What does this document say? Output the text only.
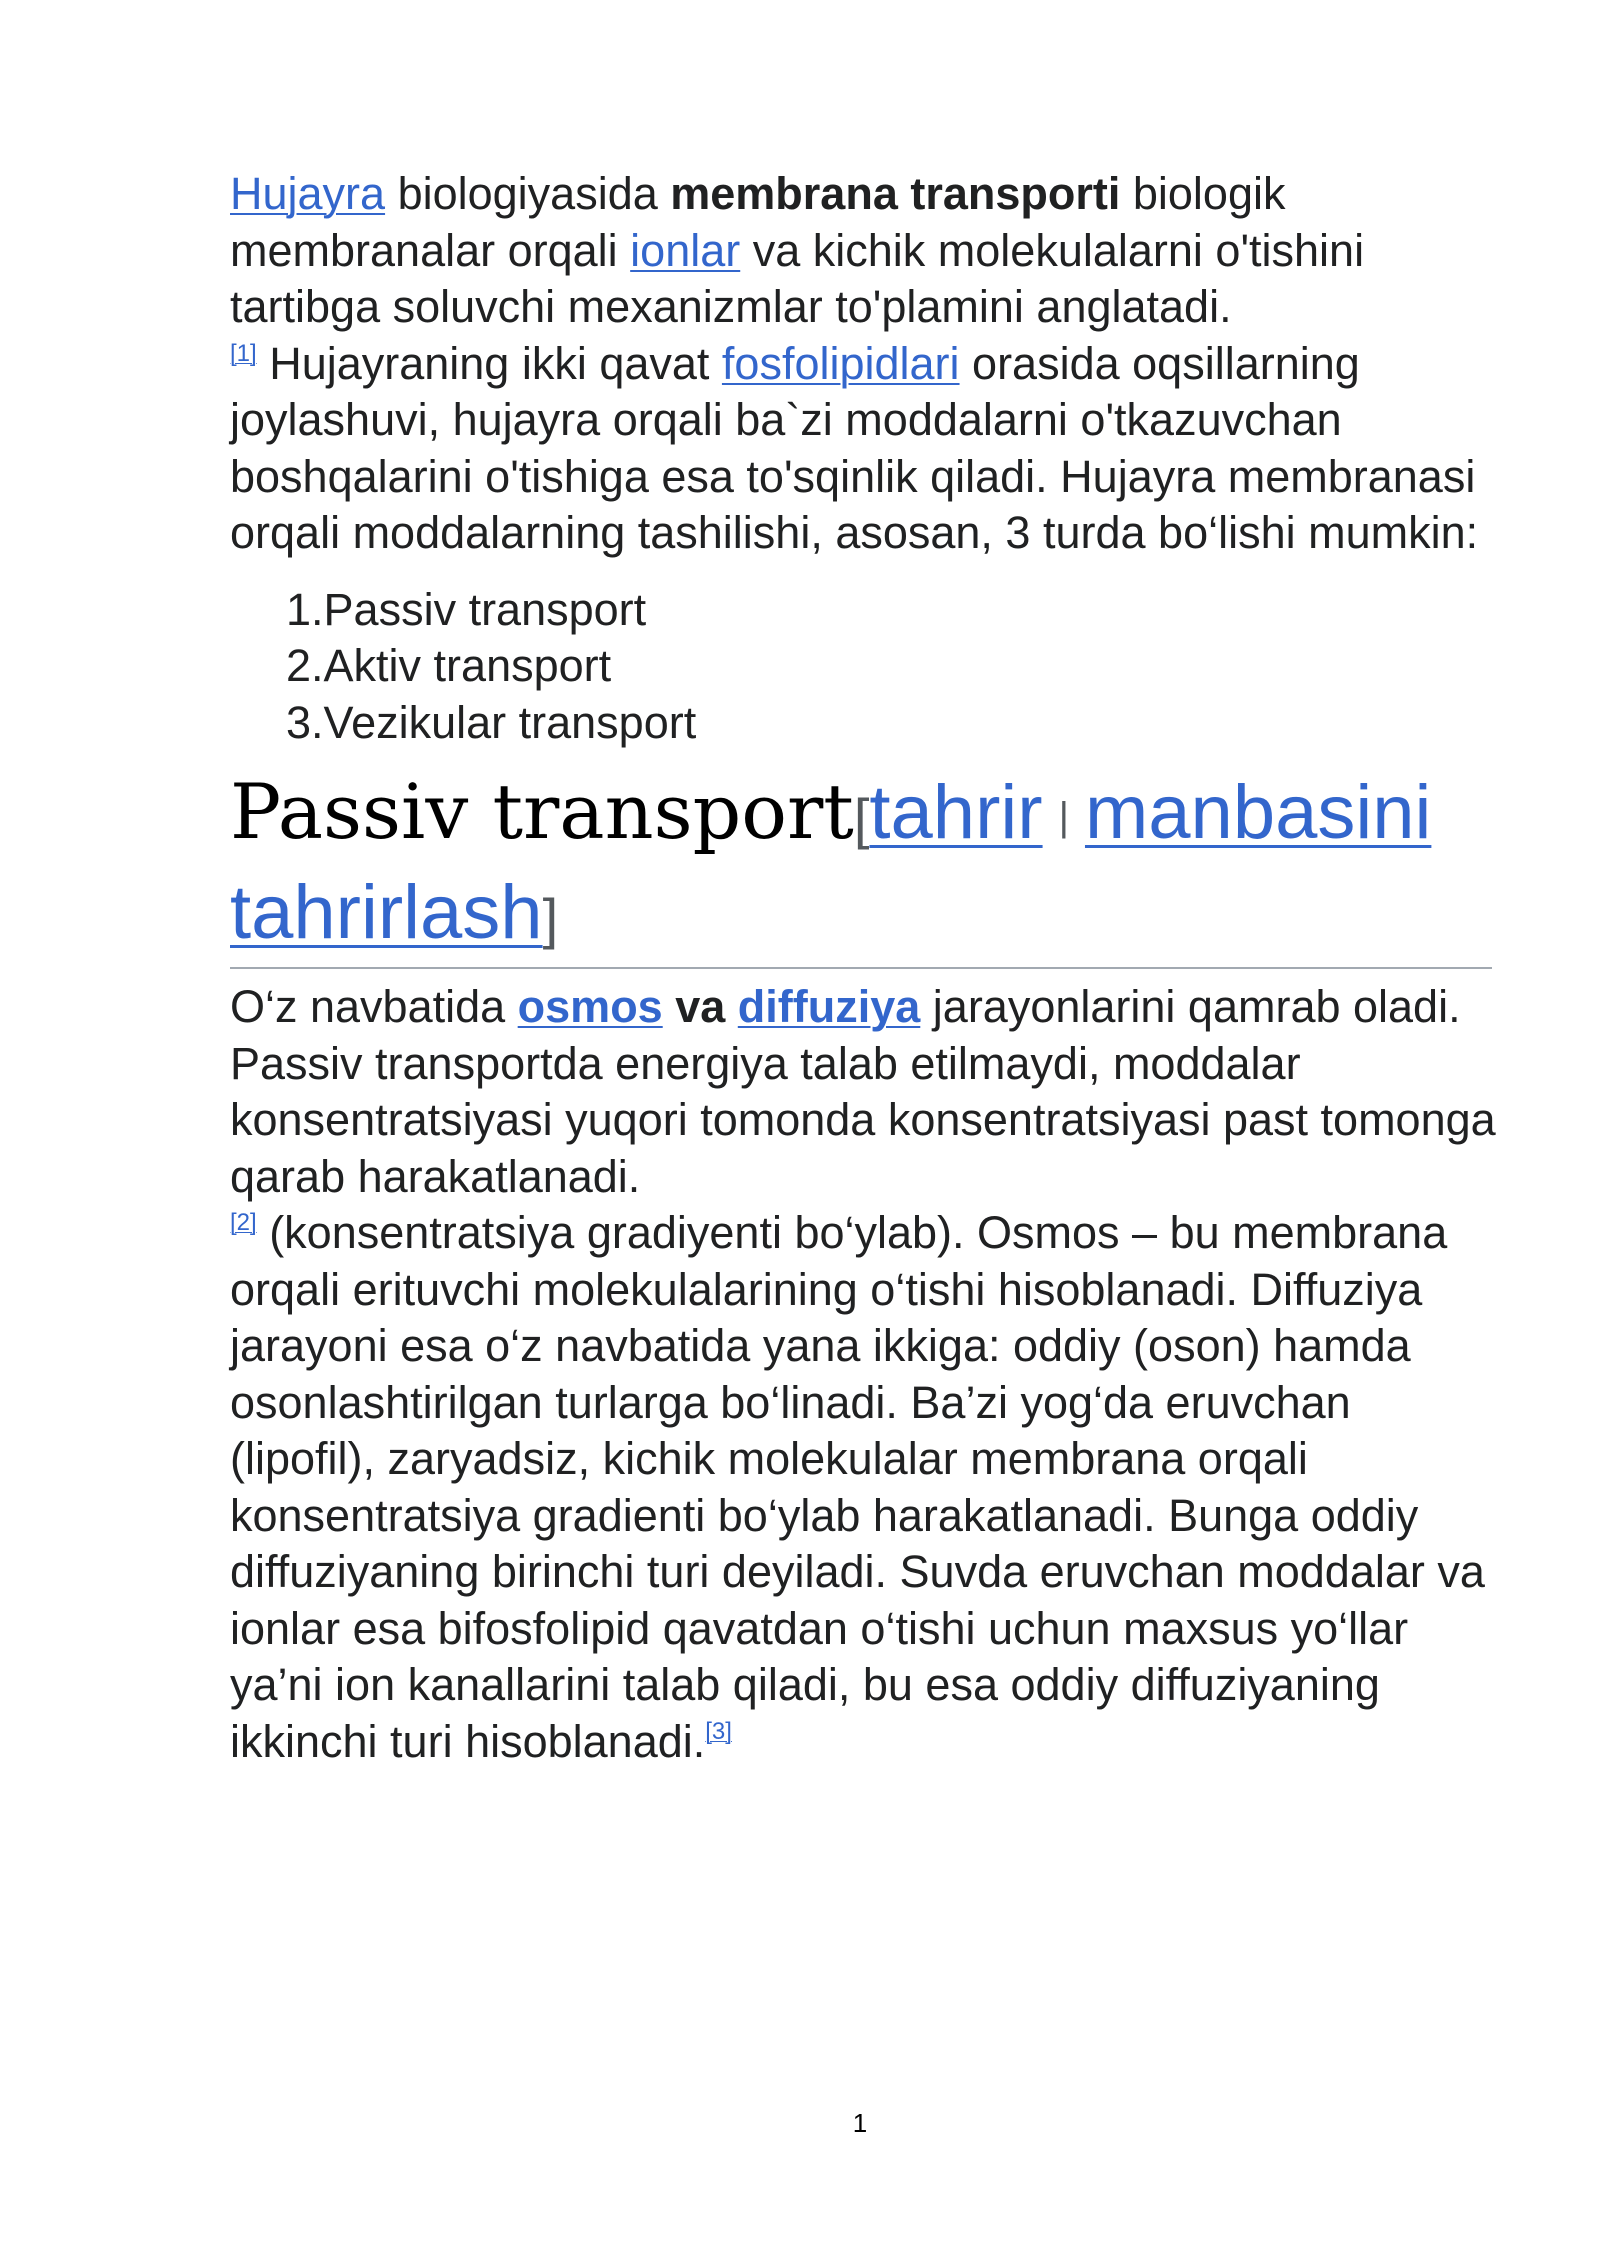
Hujayra biologiyasida membrana transporti biologik membranalar orqali ionlar va kichik molekulalarni o'tishini tartibga soluvchi mexanizmlar to'plamini anglatadi.
[1] Hujayraning ikki qavat fosfolipidlari orasida oqsillarning joylashuvi, hujayra orqali ba`zi moddalarni o'tkazuvchan boshqalarini o'tishiga esa to'sqinlik qiladi. Hujayra membranasi orqali moddalarning tashilishi, asosan, 3 turda bo‘lishi mumkin:

1.Passiv transport
2.Aktiv transport
3.Vezikular transport
Passiv transport[tahrir | manbasini tahrirlash]

O‘z navbatida osmos va diffuziya jarayonlarini qamrab oladi. Passiv transportda energiya talab etilmaydi, moddalar konsentratsiyasi yuqori tomonda konsentratsiyasi past tomonga qarab harakatlanadi.
[2] (konsentratsiya gradiyenti bo‘ylab). Osmos – bu membrana orqali erituvchi molekulalarining o‘tishi hisoblanadi. Diffuziya jarayoni esa o‘z navbatida yana ikkiga: oddiy (oson) hamda osonlashtirilgan turlarga bo‘linadi. Ba’zi yog‘da eruvchan (lipofil), zaryadsiz, kichik molekulalar membrana orqali konsentratsiya gradienti bo‘ylab harakatlanadi. Bunga oddiy diffuziyaning birinchi turi deyiladi. Suvda eruvchan moddalar va ionlar esa bifosfolipid qavatdan o‘tishi uchun maxsus yo‘llar ya’ni ion kanallarini talab qiladi, bu esa oddiy diffuziyaning ikkinchi turi hisoblanadi.[3]

1
